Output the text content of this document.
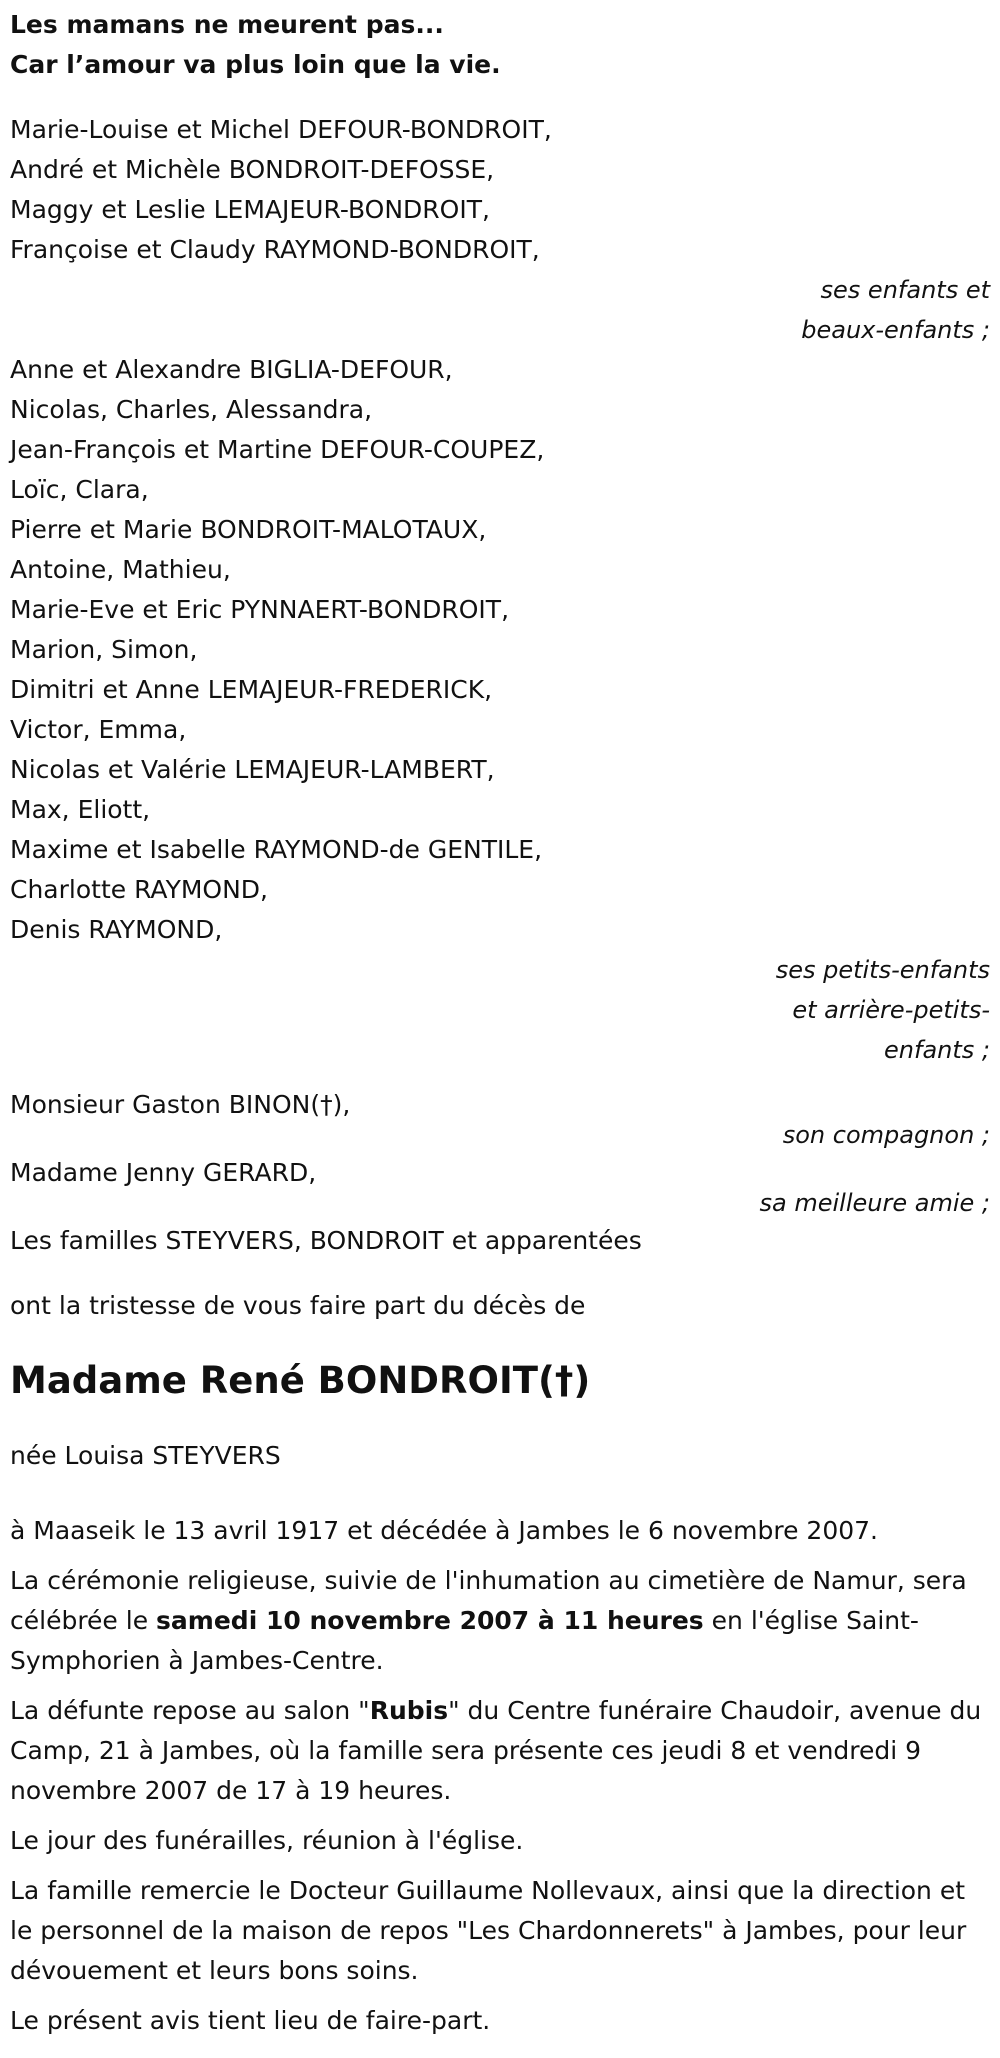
Les mamans ne meurent pas...
Car l’amour va plus loin que la vie.
Marie-Louise et Michel DEFOUR-BONDROIT,
André et Michèle BONDROIT-DEFOSSE,
Maggy et Leslie LEMAJEUR-BONDROIT,
Françoise et Claudy RAYMOND-BONDROIT,
ses enfants et
beaux-enfants ;
Anne et Alexandre BIGLIA-DEFOUR,
Nicolas, Charles, Alessandra,
Jean-François et Martine DEFOUR-COUPEZ,
Loïc, Clara,
Pierre et Marie BONDROIT-MALOTAUX,
Antoine, Mathieu,
Marie-Eve et Eric PYNNAERT-BONDROIT,
Marion, Simon,
Dimitri et Anne LEMAJEUR-FREDERICK,
Victor, Emma,
Nicolas et Valérie LEMAJEUR-LAMBERT,
Max, Eliott,
Maxime et Isabelle RAYMOND-de GENTILE,
Charlotte RAYMOND,
Denis RAYMOND,
ses petits-enfants
et arrière-petits-
enfants ;
Monsieur Gaston BINON(†),
son compagnon ;
Madame Jenny GERARD,
sa meilleure amie ;
Les familles STEYVERS, BONDROIT et apparentées
ont la tristesse de vous faire part du décès de
Madame René BONDROIT(†)
née Louisa STEYVERS
à Maaseik le 13 avril 1917 et décédée à Jambes le 6 novembre 2007.
La cérémonie religieuse, suivie de l'inhumation au cimetière de Namur, sera célébrée le samedi 10 novembre 2007 à 11 heures en l'église Saint-Symphorien à Jambes-Centre.
La défunte repose au salon "Rubis" du Centre funéraire Chaudoir, avenue du Camp, 21 à Jambes, où la famille sera présente ces jeudi 8 et vendredi 9 novembre 2007 de 17 à 19 heures.
Le jour des funérailles, réunion à l'église.
La famille remercie le Docteur Guillaume Nollevaux, ainsi que la direction et le personnel de la maison de repos "Les Chardonnerets" à Jambes, pour leur dévouement et leurs bons soins.
Le présent avis tient lieu de faire-part.
